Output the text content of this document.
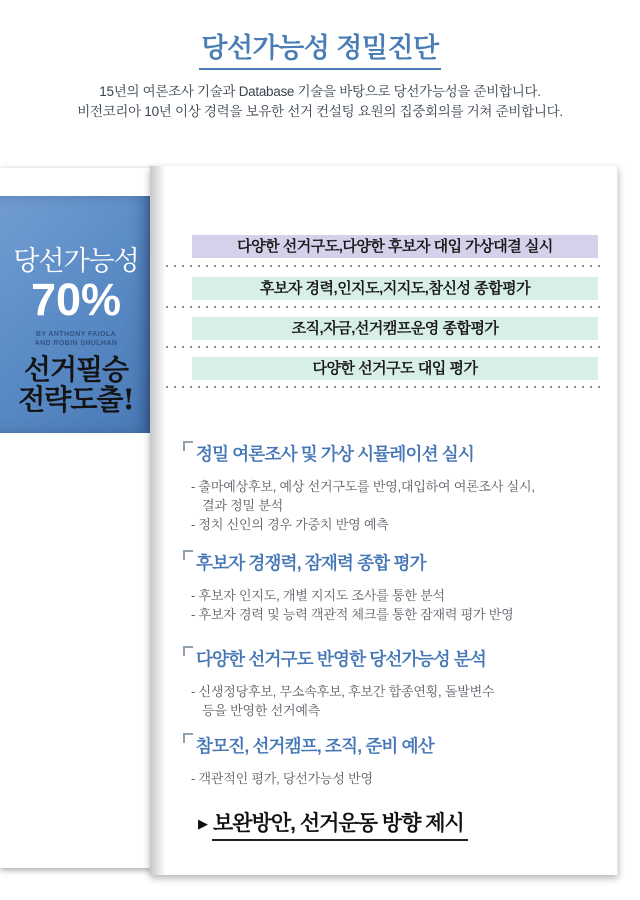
당선가능성 정밀진단
15년의 여론조사 기술과 Database 기술을 바탕으로 당선가능성을 준비합니다.
비전코리아 10년 이상 경력을 보유한 선거 컨설팅 요원의 집중회의를 거쳐 준비합니다.
당선가능성
70%
BY ANTHONY FAIOLA
AND ROBIN SHULHAN
선거필승
전략도출!
다양한 선거구도,다양한 후보자 대입 가상대결 실시
후보자 경력,인지도,지지도,참신성 종합평가
조직,자금,선거캠프운영 종합평가
다양한 선거구도 대입 평가
정밀 여론조사 및 가상 시뮬레이션 실시
- 출마예상후보, 예상 선거구도를 반영,대입하여 여론조사 실시,
결과 정밀 분석
- 정치 신인의 경우 가중치 반영 예측
후보자 경쟁력, 잠재력 종합 평가
- 후보자 인지도, 개별 지지도 조사를 통한 분석
- 후보자 경력 및 능력 객관적 체크를 통한 잠재력 평가 반영
다양한 선거구도 반영한 당선가능성 분석
- 신생정당후보, 무소속후보, 후보간 합종연횡, 돌발변수
등을 반영한 선거예측
참모진, 선거캠프, 조직, 준비 예산
- 객관적인 평가, 당선가능성 반영
▶ 보완방안, 선거운동 방향 제시
